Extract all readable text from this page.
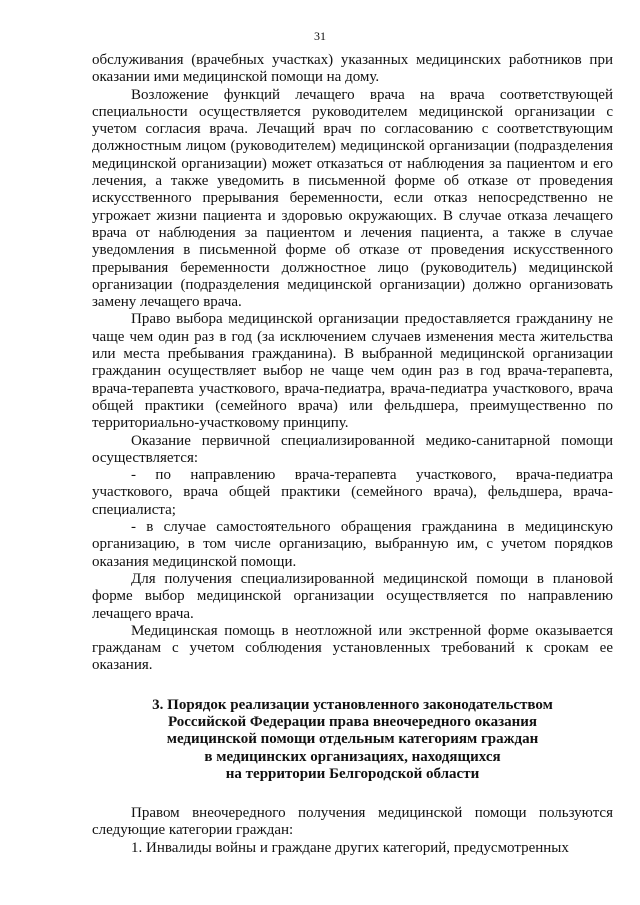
31

обслуживания (врачебных участках) указанных медицинских работников при оказании ими медицинской помощи на дому.

Возложение функций лечащего врача на врача соответствующей специальности осуществляется руководителем медицинской организации с учетом согласия врача. Лечащий врач по согласованию с соответствующим должностным лицом (руководителем) медицинской организации (подразделения медицинской организации) может отказаться от наблюдения за пациентом и его лечения, а также уведомить в письменной форме об отказе от проведения искусственного прерывания беременности, если отказ непосредственно не угрожает жизни пациента и здоровью окружающих. В случае отказа лечащего врача от наблюдения за пациентом и лечения пациента, а также в случае уведомления в письменной форме об отказе от проведения искусственного прерывания беременности должностное лицо (руководитель) медицинской организации (подразделения медицинской организации) должно организовать замену лечащего врача.

Право выбора медицинской организации предоставляется гражданину не чаще чем один раз в год (за исключением случаев изменения места жительства или места пребывания гражданина). В выбранной медицинской организации гражданин осуществляет выбор не чаще чем один раз в год врача-терапевта, врача-терапевта участкового, врача-педиатра, врача-педиатра участкового, врача общей практики (семейного врача) или фельдшера, преимущественно по территориально-участковому принципу.

Оказание первичной специализированной медико-санитарной помощи осуществляется:

- по направлению врача-терапевта участкового, врача-педиатра участкового, врача общей практики (семейного врача), фельдшера, врача-специалиста;

- в случае самостоятельного обращения гражданина в медицинскую организацию, в том числе организацию, выбранную им, с учетом порядков оказания медицинской помощи.

Для получения специализированной медицинской помощи в плановой форме выбор медицинской организации осуществляется по направлению лечащего врача.

Медицинская помощь в неотложной или экстренной форме оказывается гражданам с учетом соблюдения установленных требований к срокам ее оказания.

3. Порядок реализации установленного законодательством
Российской Федерации права внеочередного оказания
медицинской помощи отдельным категориям граждан
в медицинских организациях, находящихся
на территории Белгородской области

Правом внеочередного получения медицинской помощи пользуются следующие категории граждан:

1. Инвалиды войны и граждане других категорий, предусмотренных
